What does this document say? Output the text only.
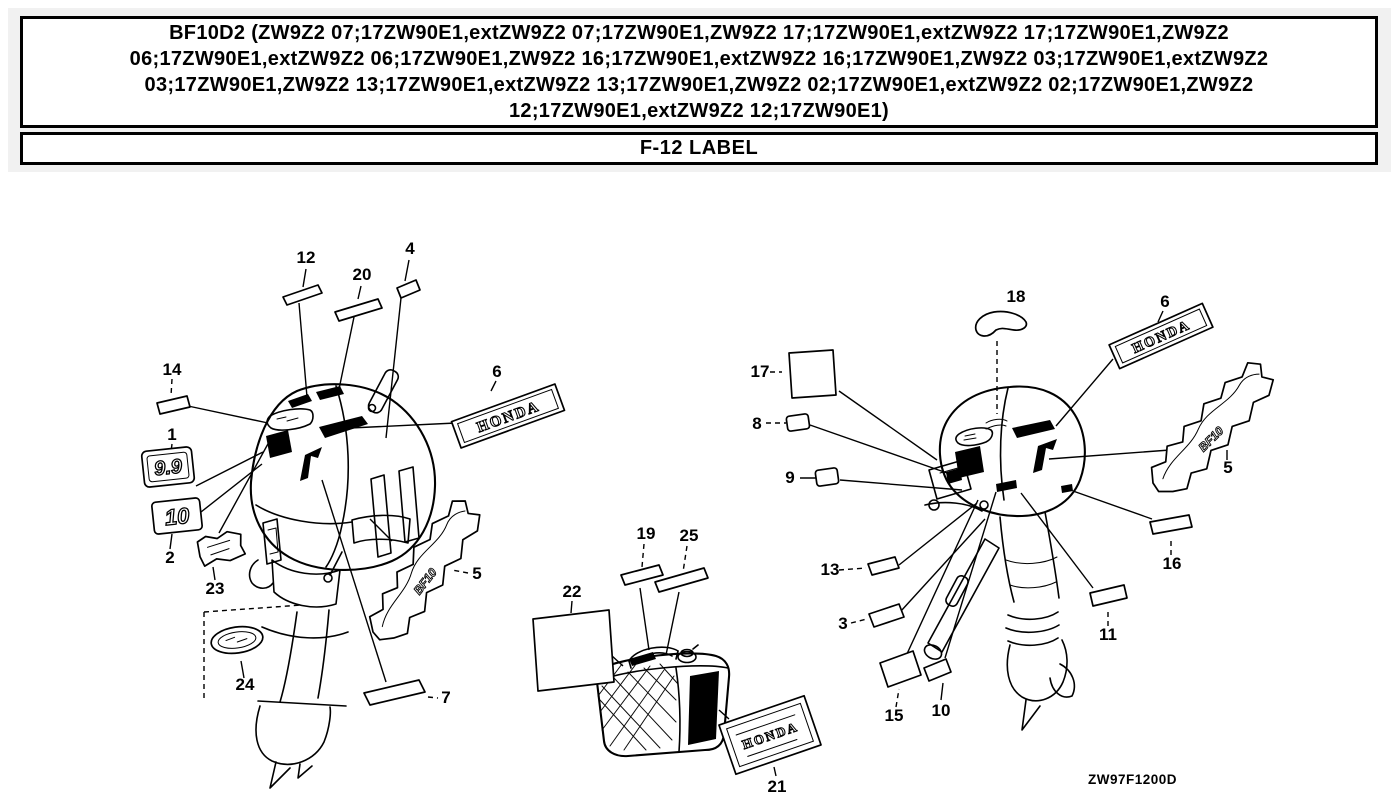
BF10D2 (ZW9Z2 07;17ZW90E1,extZW9Z2 07;17ZW90E1,ZW9Z2 17;17ZW90E1,extZW9Z2 17;17ZW90E1,ZW9Z2 06;17ZW90E1,extZW9Z2 06;17ZW90E1,ZW9Z2 16;17ZW90E1,extZW9Z2 16;17ZW90E1,ZW9Z2 03;17ZW90E1,extZW9Z2 03;17ZW90E1,ZW9Z2 13;17ZW90E1,extZW9Z2 13;17ZW90E1,ZW9Z2 02;17ZW90E1,extZW9Z2 02;17ZW90E1,ZW9Z2 12;17ZW90E1,extZW9Z2 12;17ZW90E1)
F-12 LABEL
HONDA
HONDA
HONDA
9.9
10
BF10
BF10
1
2
3
4
5
5
6
6
7
8
9
10
11
12
13
14
15
16
17
18
19
20
21
22
23
24
25
ZW97F1200D
